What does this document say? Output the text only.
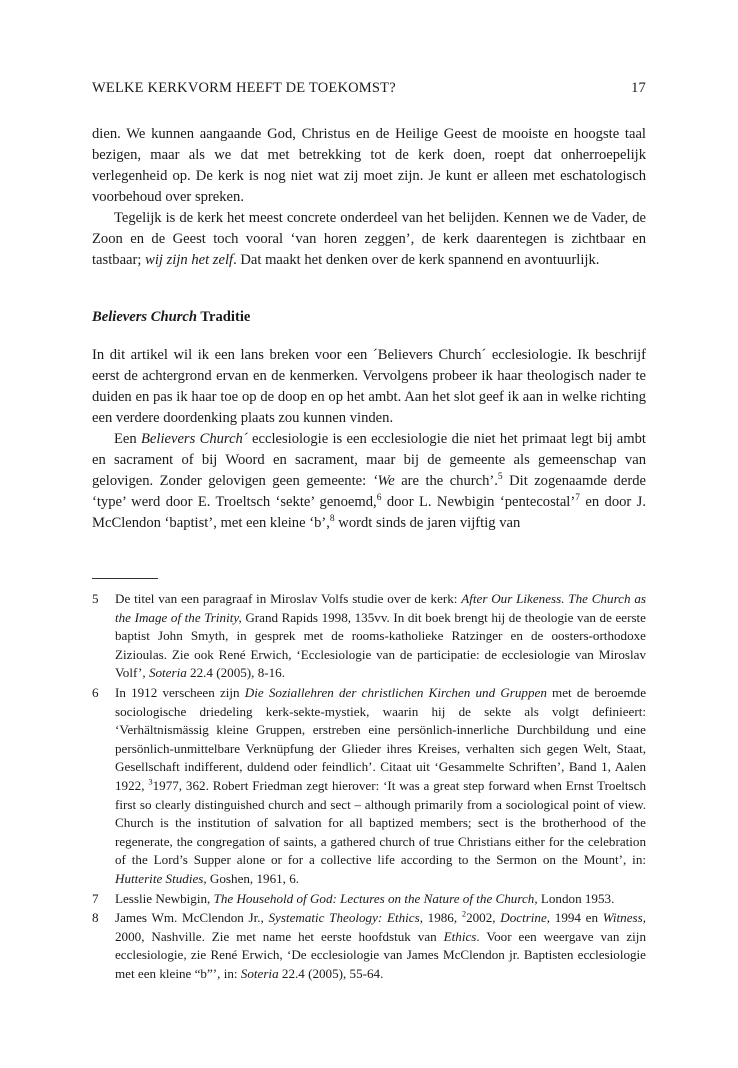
WELKE KERKVORM HEEFT DE TOEKOMST?	17

dien. We kunnen aangaande God, Christus en de Heilige Geest de mooiste en hoogste taal bezigen, maar als we dat met betrekking tot de kerk doen, roept dat onherroepelijk verlegenheid op. De kerk is nog niet wat zij moet zijn. Je kunt er alleen met eschatologisch voorbehoud over spreken.

Tegelijk is de kerk het meest concrete onderdeel van het belijden. Kennen we de Vader, de Zoon en de Geest toch vooral ‘van horen zeggen’, de kerk daarentegen is zichtbaar en tastbaar; wij zijn het zelf. Dat maakt het denken over de kerk spannend en avontuurlijk.

Believers Church Traditie

In dit artikel wil ik een lans breken voor een ´Believers Church´ ecclesiologie. Ik beschrijf eerst de achtergrond ervan en de kenmerken. Vervolgens probeer ik haar theologisch nader te duiden en pas ik haar toe op de doop en op het ambt. Aan het slot geef ik aan in welke richting een verdere doordenking plaats zou kunnen vinden.

Een Believers Church´ ecclesiologie is een ecclesiologie die niet het primaat legt bij ambt en sacrament of bij Woord en sacrament, maar bij de gemeente als gemeenschap van gelovigen. Zonder gelovigen geen gemeente: ‘We are the church’.$^5$ Dit zogenaamde derde ‘type’ werd door E. Troeltsch ‘sekte’ genoemd,$^6$ door L. Newbigin ‘pentecostal’$^7$ en door J. McClendon ‘baptist’, met een kleine ‘b’,$^8$ wordt sinds de jaren vijftig van

5	De titel van een paragraaf in Miroslav Volfs studie over de kerk: After Our Likeness. The Church as the Image of the Trinity, Grand Rapids 1998, 135vv. In dit boek brengt hij de theologie van de eerste baptist John Smyth, in gesprek met de rooms-katholieke Ratzinger en de oosters-orthodoxe Zizioulas. Zie ook René Erwich, ‘Ecclesiologie van de participatie: de ecclesiologie van Miroslav Volf’, Soteria 22.4 (2005), 8-16.
6	In 1912 verscheen zijn Die Soziallehren der christlichen Kirchen und Gruppen met de beroemde sociologische driedeling kerk-sekte-mystiek, waarin hij de sekte als volgt definieert: ‘Verhältnismässig kleine Gruppen, erstreben eine persönlich-innerliche Durchbildung und eine persönlich-unmittelbare Verknüpfung der Glieder ihres Kreises, verhalten sich gegen Welt, Staat, Gesellschaft indifferent, duldend oder feindlich’. Citaat uit ‘Gesammelte Schriften’, Band 1, Aalen 1922, $^3$1977, 362. Robert Friedman zegt hierover: ‘It was a great step forward when Ernst Troeltsch first so clearly distinguished church and sect – although primarily from a sociological point of view. Church is the institution of salvation for all baptized members; sect is the brotherhood of the regenerate, the congregation of saints, a gathered church of true Christians either for the celebration of the Lord’s Supper alone or for a collective life according to the Sermon on the Mount’, in: Hutterite Studies, Goshen, 1961, 6.
7	Lesslie Newbigin, The Household of God: Lectures on the Nature of the Church, London 1953.
8	James Wm. McClendon Jr., Systematic Theology: Ethics, 1986, $^2$2002, Doctrine, 1994 en Witness, 2000, Nashville. Zie met name het eerste hoofdstuk van Ethics. Voor een weergave van zijn ecclesiologie, zie René Erwich, ‘De ecclesiologie van James McClendon jr. Baptisten ecclesiologie met een kleine “b”’, in: Soteria 22.4 (2005), 55-64.
